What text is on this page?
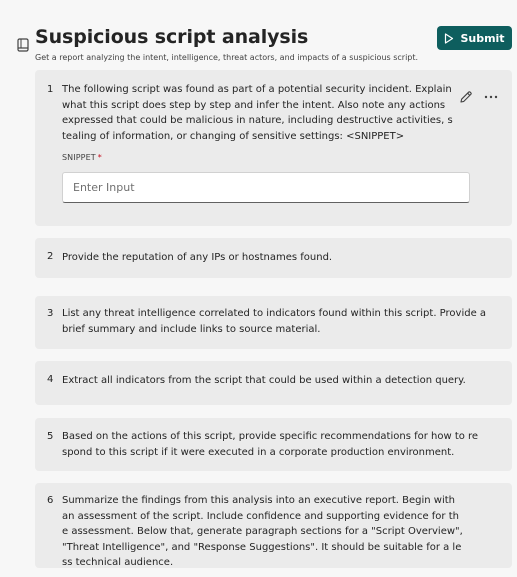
Suspicious script analysis
Get a report analyzing the intent, intelligence, threat actors, and impacts of a suspicious script.
Submit
1 The following script was found as part of a potential security incident. Explain what this script does step by step and infer the intent. Also note any actions expressed that could be malicious in nature, including destructive activities, stealing of information, or changing of sensitive settings: <SNIPPET>
SNIPPET *
Enter Input
2 Provide the reputation of any IPs or hostnames found.
3 List any threat intelligence correlated to indicators found within this script. Provide a brief summary and include links to source material.
4 Extract all indicators from the script that could be used within a detection query.
5 Based on the actions of this script, provide specific recommendations for how to respond to this script if it were executed in a corporate production environment.
6 Summarize the findings from this analysis into an executive report. Begin with an assessment of the script. Include confidence and supporting evidence for the assessment. Below that, generate paragraph sections for a "Script Overview", "Threat Intelligence", and "Response Suggestions". It should be suitable for a less technical audience.
